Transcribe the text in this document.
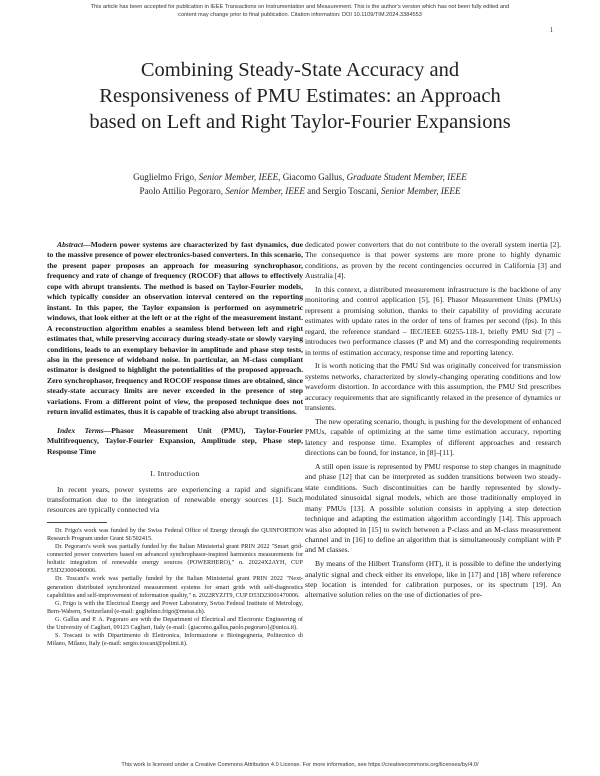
This article has been accepted for publication in IEEE Transactions on Instrumentation and Measurement. This is the author's version which has not been fully edited and
content may change prior to final publication. Citation information: DOI 10.1109/TIM.2024.3384553
1
Combining Steady-State Accuracy and
Responsiveness of PMU Estimates: an Approach
based on Left and Right Taylor-Fourier Expansions
Guglielmo Frigo, Senior Member, IEEE, Giacomo Gallus, Graduate Student Member, IEEE
Paolo Attilio Pegoraro, Senior Member, IEEE and Sergio Toscani, Senior Member, IEEE

Abstract—Modern power systems are characterized by fast dynamics, due to the massive presence of power electronics-based converters. In this scenario, the present paper proposes an approach for measuring synchrophasor, frequency and rate of change of frequency (ROCOF) that allows to effectively cope with abrupt transients. The method is based on Taylor-Fourier models, which typically consider an observation interval centered on the reporting instant. In this paper, the Taylor expansion is performed on asymmetric windows, that look either at the left or at the right of the measurement instant. A reconstruction algorithm enables a seamless blend between left and right estimates that, while preserving accuracy during steady-state or slowly varying conditions, leads to an exemplary behavior in amplitude and phase step tests, also in the presence of wideband noise. In particular, an M-class compliant estimator is designed to highlight the potentialities of the proposed approach. Zero synchrophasor, frequency and ROCOF response times are obtained, since steady-state accuracy limits are never exceeded in the presence of step variations. From a different point of view, the proposed technique does not return invalid estimates, thus it is capable of tracking also abrupt transitions.

Index Terms—Phasor Measurement Unit (PMU), Taylor-Fourier Multifrequency, Taylor-Fourier Expansion, Amplitude step, Phase step, Response Time

I. Introduction

In recent years, power systems are experiencing a rapid and significant transformation due to the integration of renewable energy sources [1]. Such resources are typically connected via

Dr. Frigo's work was funded by the Swiss Federal Office of Energy through the QUINFORTION Research Program under Grant SI/502415.

Dr. Pegoraro's work was partially funded by the Italian Ministerial grant PRIN 2022 "Smart grid-connected power converters based on advanced synchrophasor-inspired harmonics measurements for holistic integration of renewable energy sources (POWERHERO)," n. 20224X2AYH, CUP F53D23000490006.

Dr. Toscani's work was partially funded by the Italian Ministerial grant PRIN 2022 "Next-generation distributed synchronized measurement systems for smart grids with self-diagnostics capabilities and self-improvement of information quality," n. 2022RYZJT9, CUP D53D23001470006.

G. Frigo is with the Electrical Energy and Power Laboratory, Swiss Federal Institute of Metrology, Bern-Wabern, Switzerland (e-mail: guglielmo.frigo@metas.ch).

G. Gallus and P. A. Pegoraro are with the Department of Electrical and Electronic Engineering of the University of Cagliari, 09123 Cagliari, Italy (e-mail: {giacomo.gallus,paolo.pegoraro}@unica.it).

S. Toscani is with Dipartimento di Elettronica, Informazione e Bioingegneria, Politecnico di Milano, Milano, Italy (e-mail: sergio.toscani@polimi.it).

dedicated power converters that do not contribute to the overall system inertia [2]. The consequence is that power systems are more prone to highly dynamic conditions, as proven by the recent contingencies occurred in California [3] and Australia [4].

In this context, a distributed measurement infrastructure is the backbone of any monitoring and control application [5], [6]. Phasor Measurement Units (PMUs) represent a promising solution, thanks to their capability of providing accurate estimates with update rates in the order of tens of frames per second (fps). In this regard, the reference standard – IEC/IEEE 60255-118-1, briefly PMU Std [7] – introduces two performance classes (P and M) and the corresponding requirements in terms of estimation accuracy, response time and reporting latency.

It is worth noticing that the PMU Std was originally conceived for transmission systems networks, characterized by slowly-changing operating conditions and low waveform distortion. In accordance with this assumption, the PMU Std prescribes accuracy requirements that are significantly relaxed in the presence of dynamics or transients.

The new operating scenario, though, is pushing for the development of enhanced PMUs, capable of optimizing at the same time estimation accuracy, reporting latency and response time. Examples of different approaches and research directions can be found, for instance, in [8]–[11].

A still open issue is represented by PMU response to step changes in magnitude and phase [12] that can be interpreted as sudden transitions between two steady-state conditions. Such discontinuities can be hardly represented by slowly-modulated sinusoidal signal models, which are those traditionally employed in many PMUs [13]. A possible solution consists in applying a step detection technique and adapting the estimation algorithm accordingly [14]. This approach was also adopted in [15] to switch between a P-class and an M-class measurement channel and in [16] to define an algorithm that is simultaneously compliant with P and M classes.

By means of the Hilbert Transform (HT), it is possible to define the underlying analytic signal and check either its envelope, like in [17] and [18] where reference step location is intended for calibration purposes, or its spectrum [19]. An alternative solution relies on the use of dictionaries of pre-

This work is licensed under a Creative Commons Attribution 4.0 License. For more information, see https://creativecommons.org/licenses/by/4.0/
